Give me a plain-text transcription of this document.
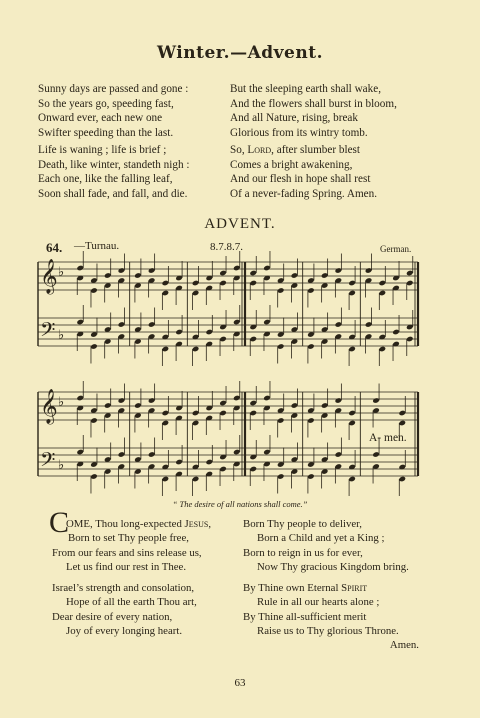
Winter.—Advent.
Sunny days are passed and gone :
So the years go, speeding fast,
Onward ever, each new one
Swifter speeding than the last.
But the sleeping earth shall wake,
And the flowers shall burst in bloom,
And all Nature, rising, break
Glorious from its wintry tomb.
Life is waning ; life is brief ;
Death, like winter, standeth nigh :
Each one, like the falling leaf,
Soon shall fade, and fall, and die.
So, Lord, after slumber blest
Comes a bright awakening,
And our flesh in hope shall rest
Of a never-fading Spring. Amen.
ADVENT.
64. —Turnau.	8.7.8.7.	German.
𝄞
𝄢
♭
♭
𝄞
𝄢
♭
♭
A- men.
“ The desire of all nations shall come.”
C
OME, Thou long-expected Jesus,
Born to set Thy people free,
From our fears and sins release us,
Let us find our rest in Thee.
Born Thy people to deliver,
Born a Child and yet a King ;
Born to reign in us for ever,
Now Thy gracious Kingdom bring.
Israel’s strength and consolation,
Hope of all the earth Thou art,
Dear desire of every nation,
Joy of every longing heart.
By Thine own Eternal Spirit
Rule in all our hearts alone ;
By Thine all-sufficient merit
Raise us to Thy glorious Throne.
Amen.
63
